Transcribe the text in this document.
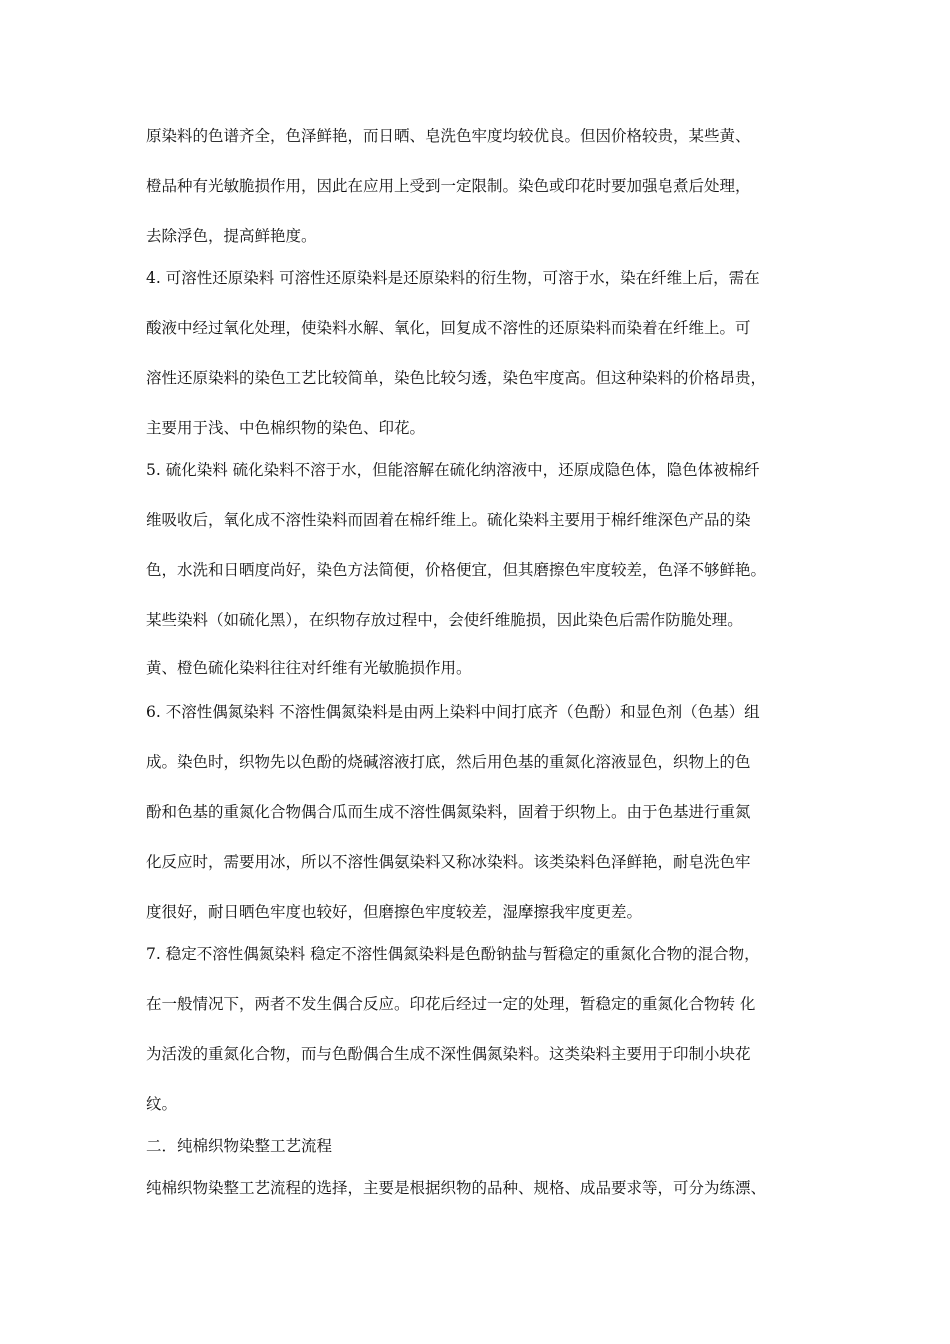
原染料的色谱齐全，色泽鲜艳，而日晒、皂洗色牢度均较优良。但因价格较贵，某些黄、
橙品种有光敏脆损作用，因此在应用上受到一定限制。染色或印花时要加强皂煮后处理，
去除浮色，提高鲜艳度。
4. 可溶性还原染料 可溶性还原染料是还原染料的衍生物，可溶于水，染在纤维上后，需在
酸液中经过氧化处理，使染料水解、氧化，回复成不溶性的还原染料而染着在纤维上。可
溶性还原染料的染色工艺比较简单，染色比较匀透，染色牢度高。但这种染料的价格昂贵，
主要用于浅、中色棉织物的染色、印花。
5. 硫化染料 硫化染料不溶于水，但能溶解在硫化纳溶液中，还原成隐色体，隐色体被棉纤
维吸收后，氧化成不溶性染料而固着在棉纤维上。硫化染料主要用于棉纤维深色产品的染
色，水洗和日晒度尚好，染色方法简便，价格便宜，但其磨擦色牢度较差，色泽不够鲜艳。
某些染料（如硫化黑），在织物存放过程中，会使纤维脆损，因此染色后需作防脆处理。
黄、橙色硫化染料往往对纤维有光敏脆损作用。
6. 不溶性偶氮染料 不溶性偶氮染料是由两上染料中间打底齐（色酚）和显色剂（色基）组
成。染色时，织物先以色酚的烧碱溶液打底，然后用色基的重氮化溶液显色，织物上的色
酚和色基的重氮化合物偶合瓜而生成不溶性偶氮染料，固着于织物上。由于色基进行重氮
化反应时，需要用冰，所以不溶性偶氨染料又称冰染料。该类染料色泽鲜艳，耐皂洗色牢
度很好，耐日晒色牢度也较好，但磨擦色牢度较差，湿摩擦我牢度更差。
7. 稳定不溶性偶氮染料 稳定不溶性偶氮染料是色酚钠盐与暂稳定的重氮化合物的混合物，
在一般情况下，两者不发生偶合反应。印花后经过一定的处理，暂稳定的重氮化合物转 化
为活泼的重氮化合物，而与色酚偶合生成不深性偶氮染料。这类染料主要用于印制小块花
纹。
二．纯棉织物染整工艺流程
纯棉织物染整工艺流程的选择，主要是根据织物的品种、规格、成品要求等，可分为练漂、
